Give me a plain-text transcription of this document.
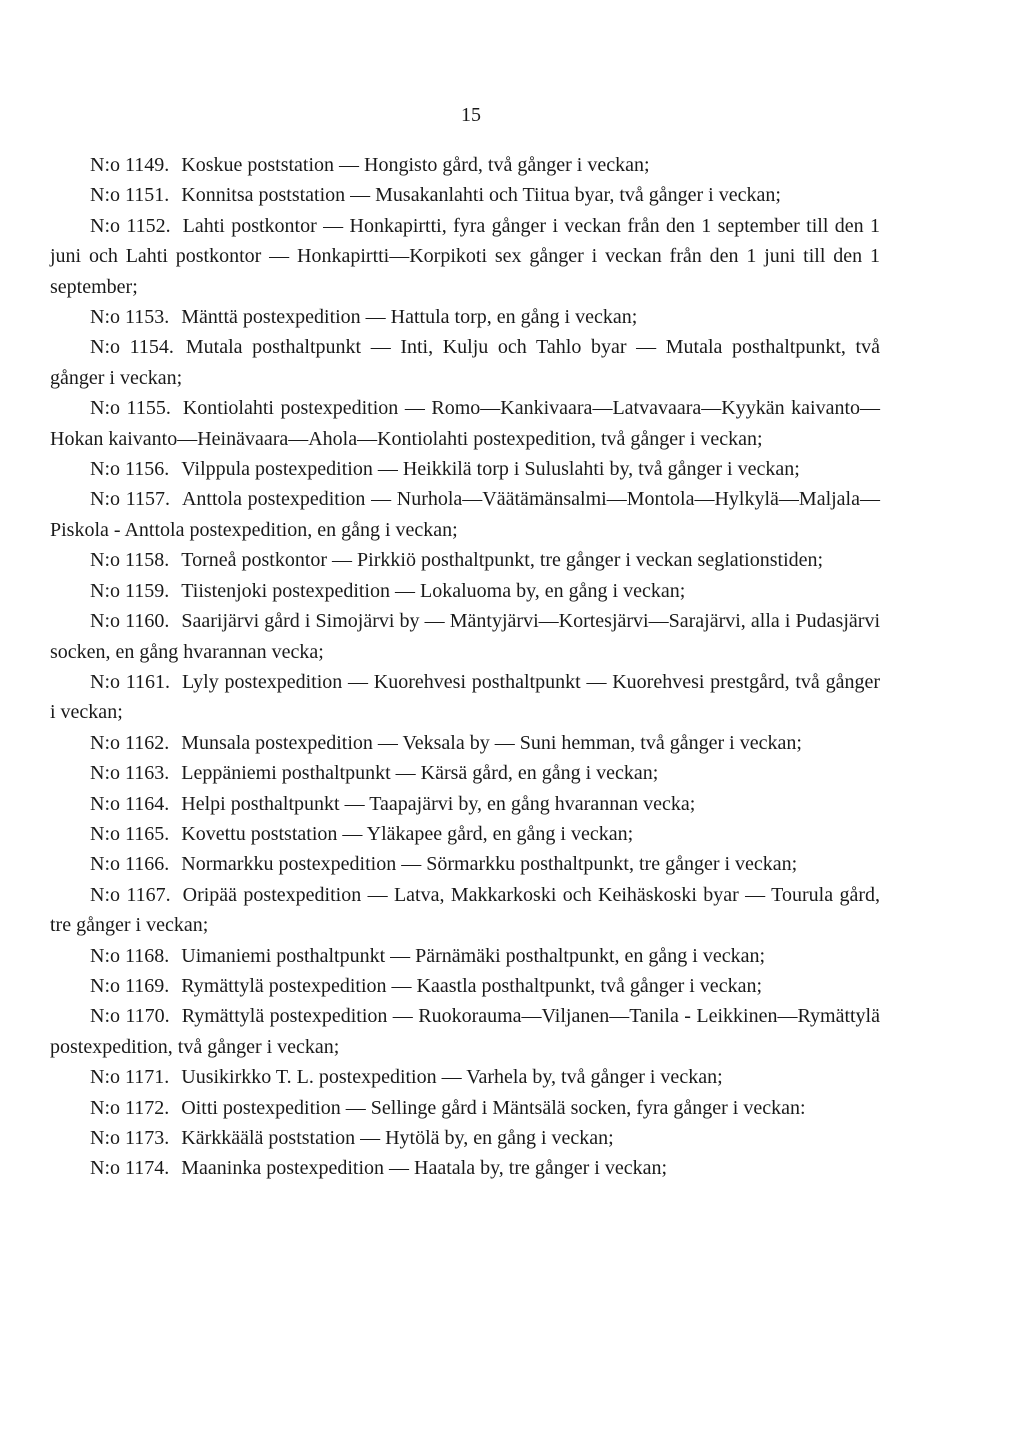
15

N:o 1149. Koskue poststation — Hongisto gård, två gånger i veckan;

N:o 1151. Konnitsa poststation — Musakanlahti och Tiitua byar, två gånger i veckan;

N:o 1152. Lahti postkontor — Honkapirtti, fyra gånger i veckan från den 1 september till den 1 juni och Lahti postkontor — Honkapirtti—Korpikoti sex gånger i veckan från den 1 juni till den 1 september;

N:o 1153. Mänttä postexpedition — Hattula torp, en gång i veckan;

N:o 1154. Mutala posthaltpunkt — Inti, Kulju och Tahlo byar — Mutala posthaltpunkt, två gånger i veckan;

N:o 1155. Kontiolahti postexpedition — Romo—Kankivaara—Latvavaara—Kyykän kaivanto—Hokan kaivanto—Heinävaara—Ahola—Kontiolahti postexpedition, två gånger i veckan;

N:o 1156. Vilppula postexpedition — Heikkilä torp i Suluslahti by, två gånger i veckan;

N:o 1157. Anttola postexpedition — Nurhola—Väätämänsalmi—Montola—Hylkylä—Maljala—Piskola - Anttola postexpedition, en gång i veckan;

N:o 1158. Torneå postkontor — Pirkkiö posthaltpunkt, tre gånger i veckan seglationstiden;

N:o 1159. Tiistenjoki postexpedition — Lokaluoma by, en gång i veckan;

N:o 1160. Saarijärvi gård i Simojärvi by — Mäntyjärvi—Kortesjärvi—Sarajärvi, alla i Pudasjärvi socken, en gång hvarannan vecka;

N:o 1161. Lyly postexpedition — Kuorehvesi posthaltpunkt — Kuorehvesi prestgård, två gånger i veckan;

N:o 1162. Munsala postexpedition — Veksala by — Suni hemman, två gånger i veckan;

N:o 1163. Leppäniemi posthaltpunkt — Kärsä gård, en gång i veckan;

N:o 1164. Helpi posthaltpunkt — Taapajärvi by, en gång hvarannan vecka;

N:o 1165. Kovettu poststation — Yläkapee gård, en gång i veckan;

N:o 1166. Normarkku postexpedition — Sörmarkku posthaltpunkt, tre gånger i veckan;

N:o 1167. Oripää postexpedition — Latva, Makkarkoski och Keihäskoski byar — Tourula gård, tre gånger i veckan;

N:o 1168. Uimaniemi posthaltpunkt — Pärnämäki posthaltpunkt, en gång i veckan;

N:o 1169. Rymättylä postexpedition — Kaastla posthaltpunkt, två gånger i veckan;

N:o 1170. Rymättylä postexpedition — Ruokorauma—Viljanen—Tanila - Leikkinen—Rymättylä postexpedition, två gånger i veckan;

N:o 1171. Uusikirkko T. L. postexpedition — Varhela by, två gånger i veckan;

N:o 1172. Oitti postexpedition — Sellinge gård i Mäntsälä socken, fyra gånger i veckan:

N:o 1173. Kärkkäälä poststation — Hytölä by, en gång i veckan;

N:o 1174. Maaninka postexpedition — Haatala by, tre gånger i veckan;
